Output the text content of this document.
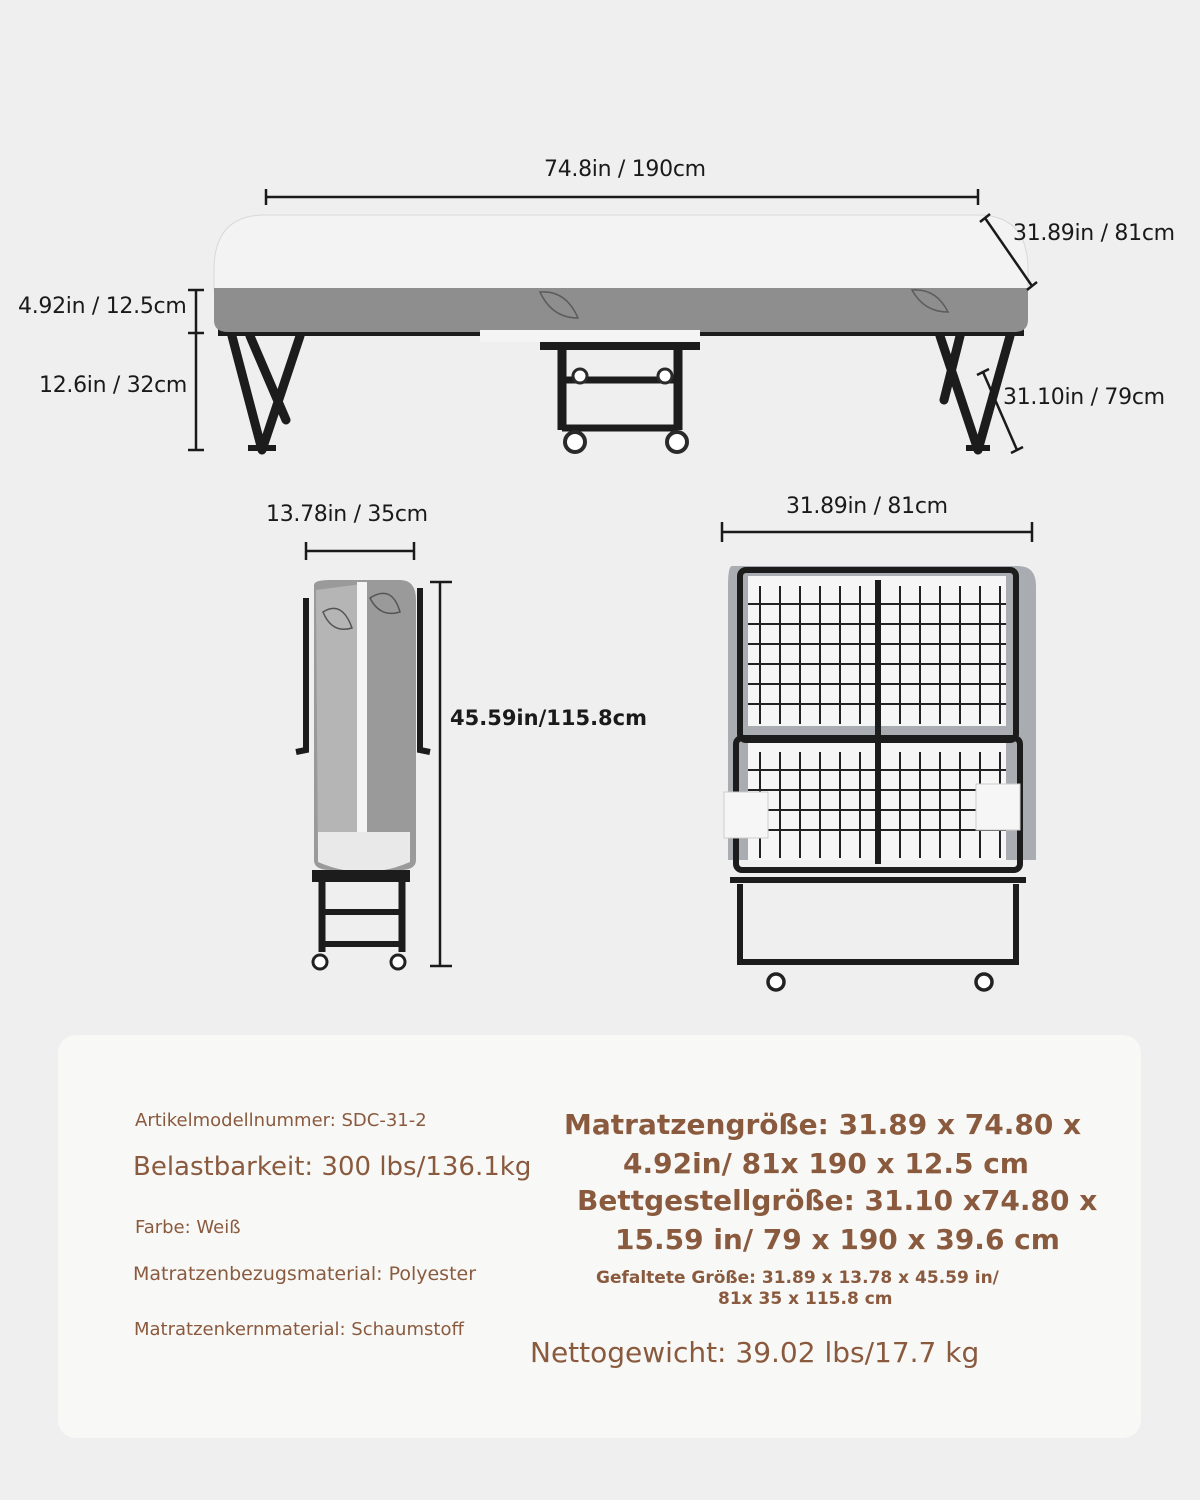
74.8in / 190cm
31.89in / 81cm
4.92in / 12.5cm
12.6in / 32cm	31.10in / 79cm
13.78in / 35cm
45.59in/115.8cm
31.89in / 81cm
Artikelmodellnummer: SDC-31-2
Belastbarkeit: 300 lbs/136.1kg
Farbe: Weiß
Matratzenbezugsmaterial: Polyester
Matratzenkernmaterial: Schaumstoff
Matratzengröße: 31.89 x 74.80 x
4.92in/ 81x 190 x 12.5 cm
Bettgestellgröße: 31.10 x74.80 x
15.59 in/ 79 x 190 x 39.6 cm
Gefaltete Größe: 31.89 x 13.78 x 45.59 in/
81x 35 x 115.8 cm
Nettogewicht: 39.02 lbs/17.7 kg
